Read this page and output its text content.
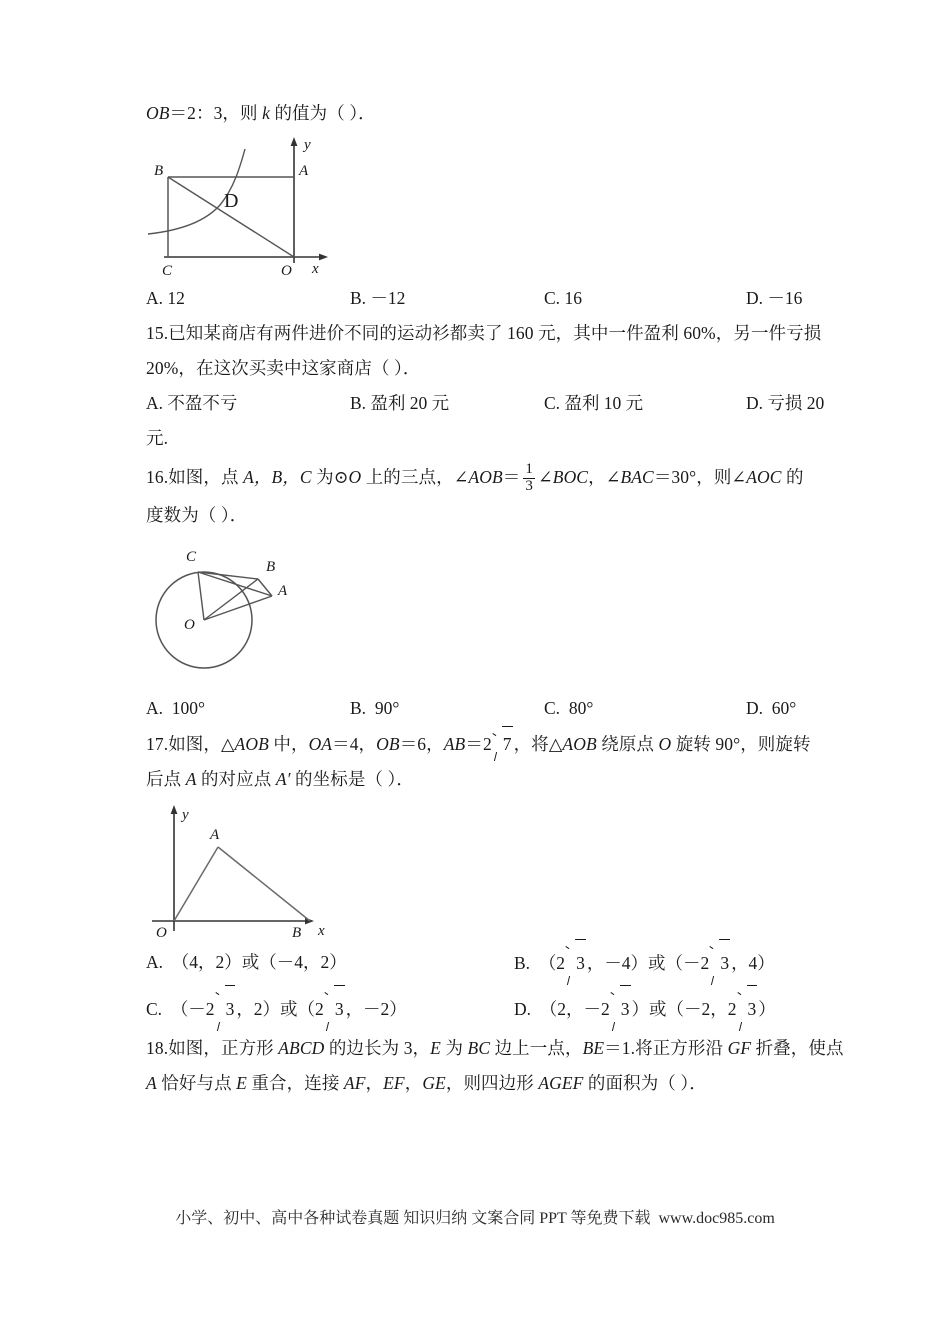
OB＝2：3，则 k 的值为（ ）．
B	A
C	O
D
y
x
A. 12	B. －12	C. 16	D. －16
15.已知某商店有两件进价不同的运动衫都卖了 160 元，其中一件盈利 60%，另一件亏损
20%，在这次买卖中这家商店（ ）．
A. 不盈不亏	B. 盈利 20 元	C. 盈利 10 元	D. 亏损 20
元.
16.如图，点 A，B，C 为⊙O 上的三点，∠AOB＝ $\frac{1}{3}$ ∠BOC，∠BAC＝30°，则∠AOC 的
度数为（ ）．
C
B
A
O
A. 100°	B. 90°	C. 80°	D. 60°
17.如图，△AOB 中，OA＝4，OB＝6，AB＝2 7 ，将△AOB 绕原点 O 旋转 90°，则旋转
后点 A 的对应点 A′ 的坐标是（ ）．
A
O	B
y
x
A. （4，2）或（－4，2）	B. （2 3 ，－4）或（－2 3 ，4）
C. （－2 3 ，2）或（2 3 ，－2）	D. （2，－2 3 ）或（－2，2 3 ）
18.如图，正方形 ABCD 的边长为 3，E 为 BC 边上一点，BE＝1.将正方形沿 GF 折叠，使点
A 恰好与点 E 重合，连接 AF，EF，GE，则四边形 AGEF 的面积为（ ）．
小学、初中、高中各种试卷真题 知识归纳 文案合同 PPT 等免费下载 www.doc985.com
